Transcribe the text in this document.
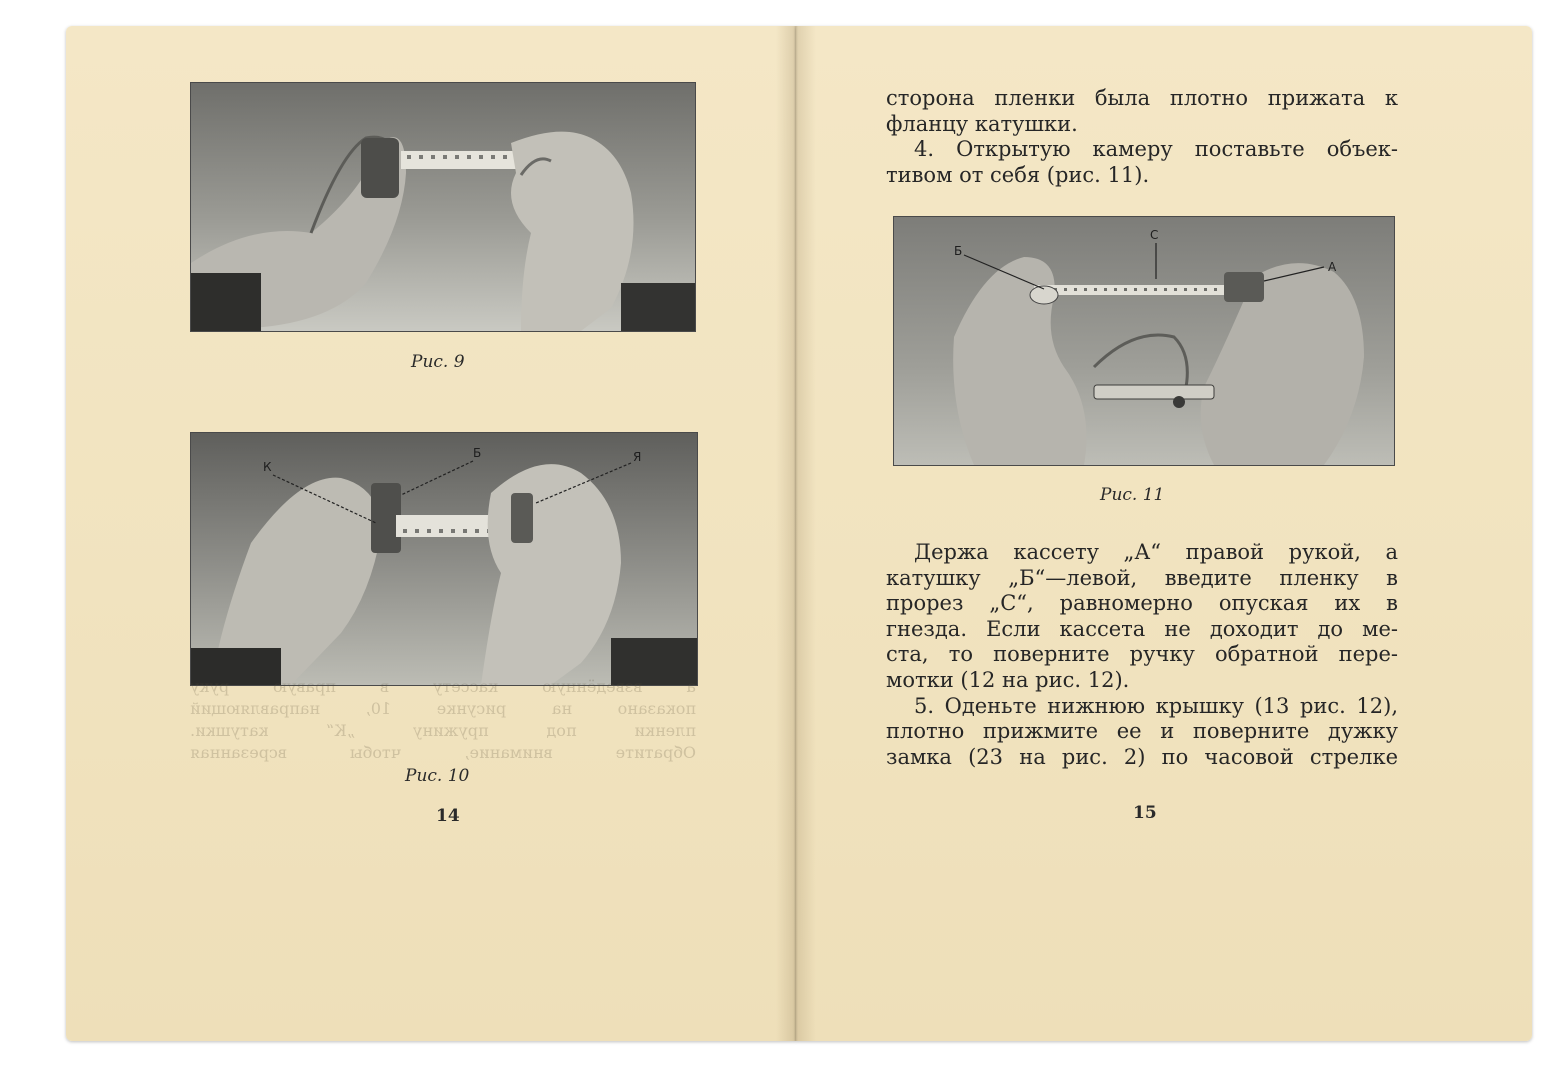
Рис. 9
К
Б	Я
а взведённую кассету в правую руку
показано на рисунке 10, направляющий
пленки под пружину „К“ катушки.
Обратите внимание, чтобы всрезанная
Рис. 10
14
сторона пленки была плотно прижата к
фланцу катушки.
4. Открытую камеру поставьте объек-
тивом от себя (рис. 11).
Б
С
А
Рис. 11
Держа кассету „А“ правой рукой, а
катушку „Б“—левой, введите пленку в
прорез „С“, равномерно опуская их в
гнезда. Если кассета не доходит до ме-
ста, то поверните ручку обратной пере-
мотки (12 на рис. 12).
5. Оденьте нижнюю крышку (13 рис. 12),
плотно прижмите ее и поверните дужку
замка (23 на рис. 2) по часовой стрелке
15
